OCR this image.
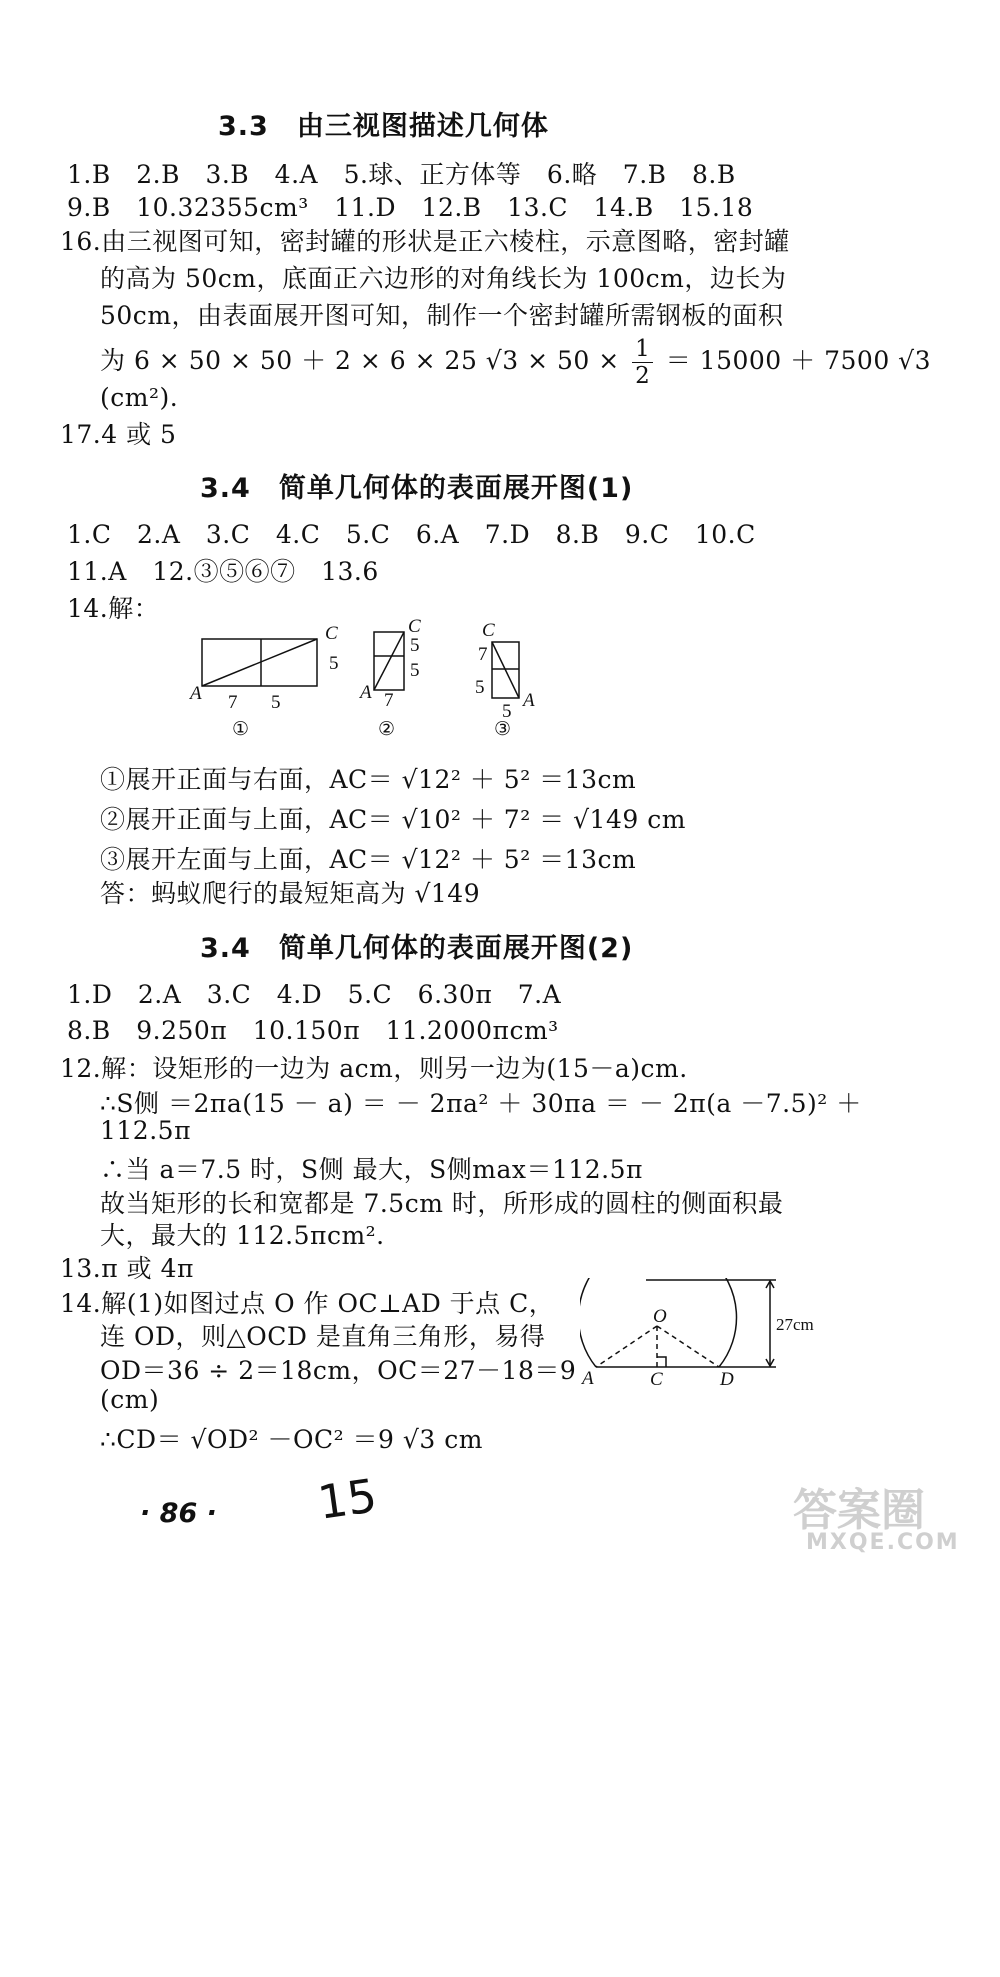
3.3　由三视图描述几何体
1.B　2.B　3.B　4.A　5.球、正方体等　6.略　7.B　8.B
9.B　10.32355cm³　11.D　12.B　13.C　14.B　15.18
16.由三视图可知，密封罐的形状是正六棱柱，示意图略，密封罐
的高为 50cm，底面正六边形的对角线长为 100cm，边长为
50cm，由表面展开图可知，制作一个密封罐所需钢板的面积
为 6 × 50 × 50 ＋ 2 × 6 × 25 $√3 \times 50 \times \frac{1}{2} = 15000 + 7500$ √3
(cm²).
17.4 或 5
3.4　简单几何体的表面展开图(1)
1.C　2.A　3.C　4.C　5.C　6.A　7.D　8.B　9.C　10.C
11.A　12.③⑤⑥⑦　13.6
14.解：
C
5
A 7 5
①
C
5
5
A 7
②
C
7
5
5
A
③
①展开正面与右面，AC＝ √12² ＋ 5² ＝13cm
②展开正面与上面，AC＝ √10² ＋ 7² ＝ √149 cm
③展开左面与上面，AC＝ √12² ＋ 5² ＝13cm
答：蚂蚁爬行的最短矩高为 √149
3.4　简单几何体的表面展开图(2)
1.D　2.A　3.C　4.D　5.C　6.30π　7.A
8.B　9.250π　10.150π　11.2000πcm³
12.解：设矩形的一边为 acm，则另一边为(15－a)cm.
∴S侧 ＝2πa(15 － a) ＝ － 2πa² ＋ 30πa ＝ － 2π(a －7.5)² ＋
112.5π
∴当 a＝7.5 时，S侧 最大，S侧max＝112.5π
故当矩形的长和宽都是 7.5cm 时，所形成的圆柱的侧面积最
大，最大的 112.5πcm².
13.π 或 4π
14.解(1)如图过点 O 作 OC⊥AD 于点 C，
连 OD，则△OCD 是直角三角形，易得
OD＝36 ÷ 2＝18cm，OC＝27－18＝9
(cm)
∴CD＝ √OD² －OC² ＝9 √3 cm
O
A	C	D
27cm
· 86 · 15	答案圈
MXQE.COM
